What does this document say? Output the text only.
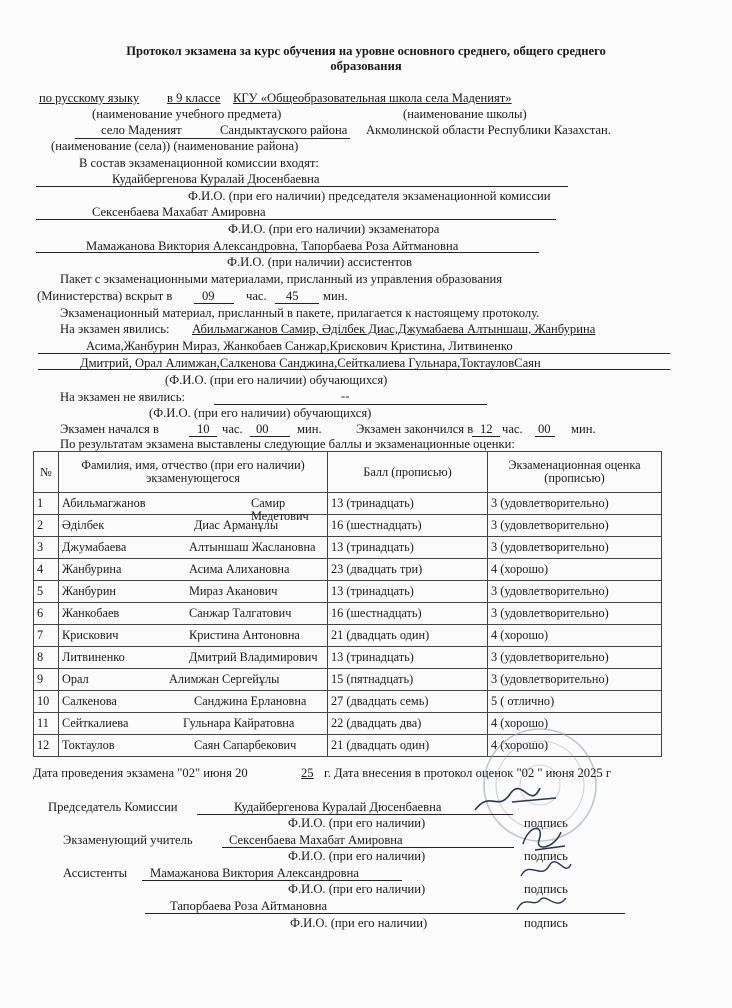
Протокол экзамена за курс обучения на уровне основного среднего, общего среднего
образования
по русскому языку в 9 классе КГУ «Общеобразовательная школа села Маденият»
(наименование учебного предмета)	(наименование школы)
село Маденият	Сандыктауского района Акмолинской области Республики Казахстан.
(наименование (села)) (наименование района)
В состав экзаменационной комиссии входят:
Кудайбергенова Куралай Дюсенбаевна
Ф.И.О. (при его наличии) председателя экзаменационной комиссии
Сексенбаева Махабат Амировна
Ф.И.О. (при его наличии) экзаменатора
Мамажанова Виктория Александровна, Тапорбаева Роза Айтмановна
Ф.И.О. (при наличии) ассистентов
Пакет с экзаменационными материалами, присланный из управления образования
(Министерства) вскрыт в 09 час. 45 мин.
Экзаменационный материал, присланный в пакете, прилагается к настоящему протоколу.
На экзамен явились: Абильмагжанов Самир, Әділбек Диас,Джумабаева Алтыншаш, Жанбурина
Асима,Жанбурин Мираз, Жанкобаев Санжар,Крискович Кристина, Литвиненко
Дмитрий, Орал Алимжан,Салкенова Санджина,Сейткалиева Гульнара,ТоктауловСаян
(Ф.И.О. (при его наличии) обучающихся)
На экзамен не явились:	--
(Ф.И.О. (при его наличии) обучающихся)
Экзамен начался в	10 час. 00 мин.	Экзамен закончился в 12 час. 00 мин.
По результатам экзамена выставлены следующие баллы и экзаменационные оценки:
№	Фамилия, имя, отчество (при его наличии) экзаменующегося	Балл (прописью)	Экзаменационная оценка (прописью)
1	Абильмагжанов Самир Медетович	13 (тринадцать)	3 (удовлетворительно)
2	Әділбек Диас Арманұлы	16 (шестнадцать)	3 (удовлетворительно)
3	Джумабаева Алтыншаш Жаслановна	13 (тринадцать)	3 (удовлетворительно)
4	Жанбурина Асима Алихановна	23 (двадцать три)	4 (хорошо)
5	Жанбурин Мираз Аканович	13 (тринадцать)	3 (удовлетворительно)
6	Жанкобаев Санжар Талгатович	16 (шестнадцать)	3 (удовлетворительно)
7	Крискович Кристина Антоновна	21 (двадцать один)	4 (хорошо)
8	Литвиненко Дмитрий Владимирович	13 (тринадцать)	3 (удовлетворительно)
9	Орал Алимжан Сергейұлы	15 (пятнадцать)	3 (удовлетворительно)
10	Салкенова Санджина Ерлановна	27 (двадцать семь)	5 ( отлично)
11	Сейткалиева Гульнара Кайратовна	22 (двадцать два)	4 (хорошо)
12	Токтаулов Саян Сапарбекович	21 (двадцать один)	4 (хорошо)
Дата проведения экзамена "02" июня 20	25 г. Дата внесения в протокол оценок "02 " июня 2025 г
Председатель Комиссии	Кудайбергенова Куралай Дюсенбаевна
Ф.И.О. (при его наличии)	подпись
Экзаменующий учитель	Сексенбаева Махабат Амировна
Ф.И.О. (при его наличии)	подпись
Ассистенты Мамажанова Виктория Александровна
Ф.И.О. (при его наличии)	подпись
Тапорбаева Роза Айтмановна
Ф.И.О. (при его наличии)	подпись
